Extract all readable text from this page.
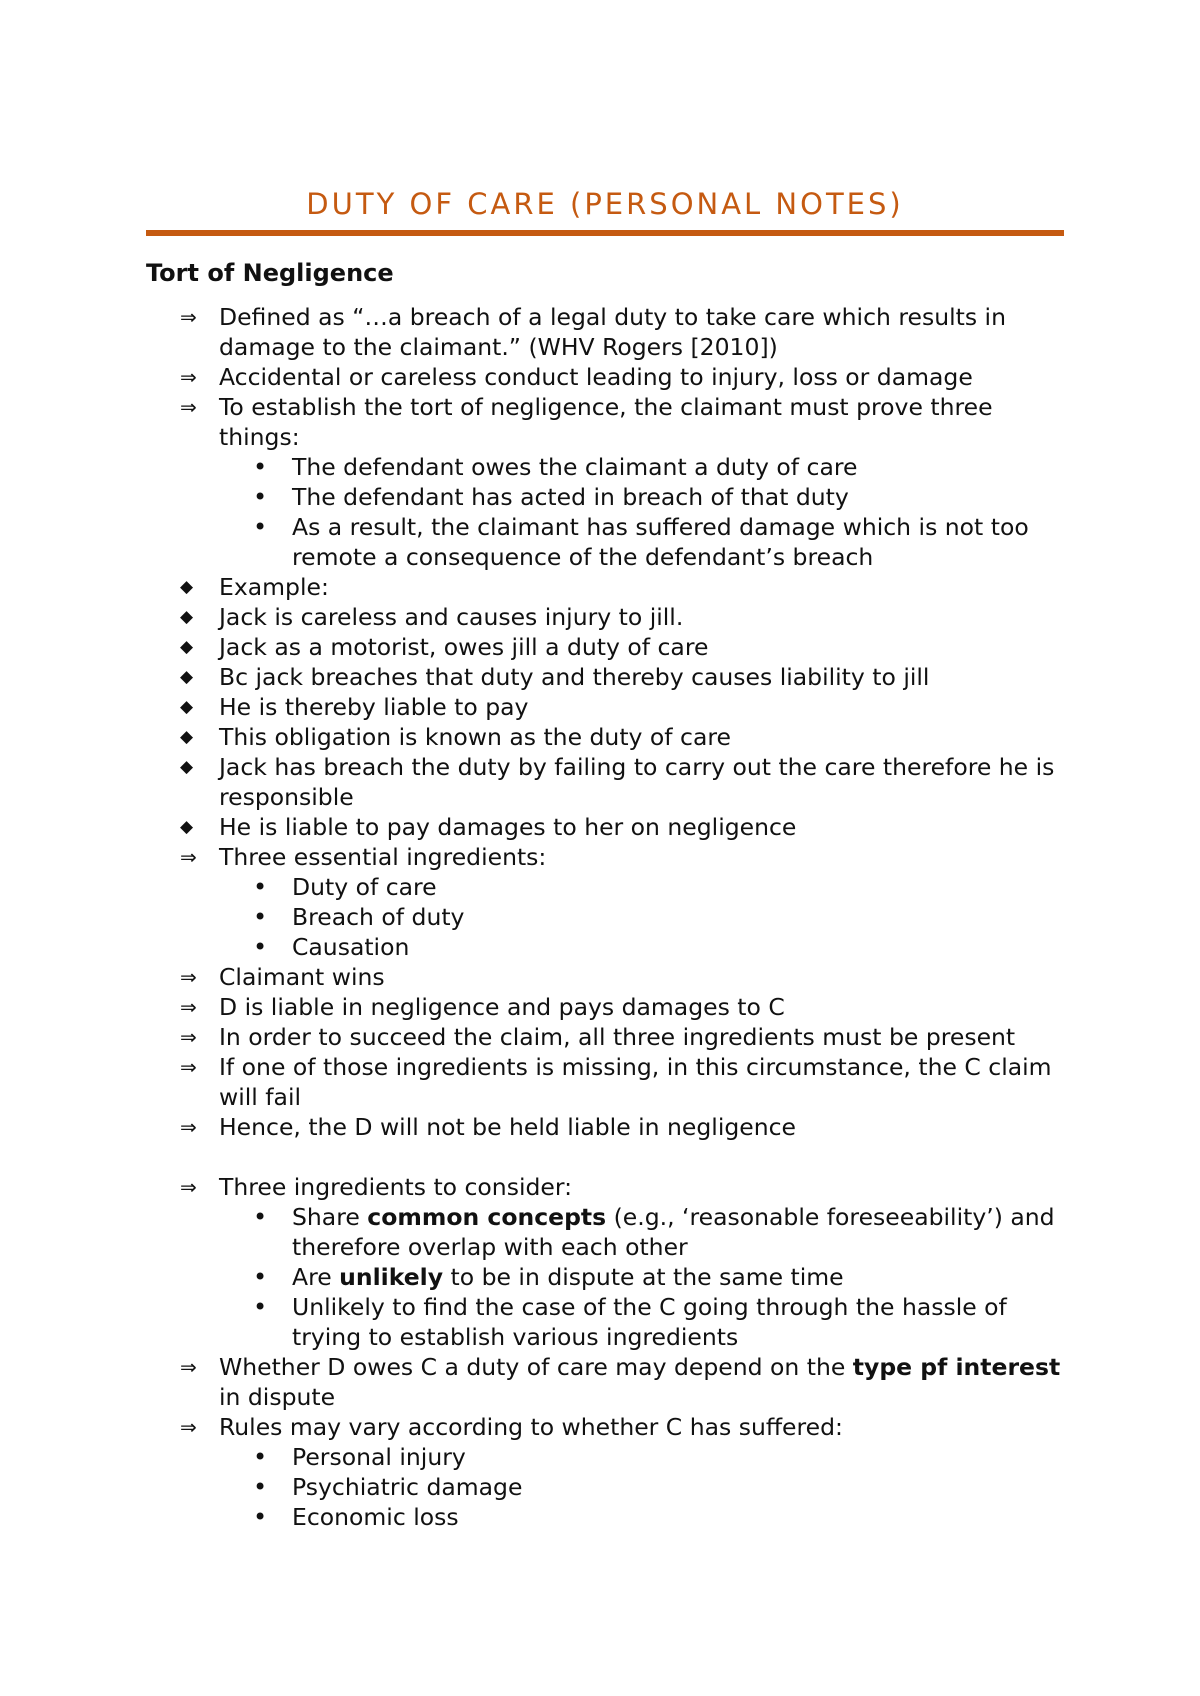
DUTY OF CARE (PERSONAL NOTES)
Tort of Negligence
⇒ Defined as “…a breach of a legal duty to take care which results in damage to the claimant.” (WHV Rogers [2010])
⇒ Accidental or careless conduct leading to injury, loss or damage
⇒ To establish the tort of negligence, the claimant must prove three things:
• The defendant owes the claimant a duty of care
• The defendant has acted in breach of that duty
• As a result, the claimant has suffered damage which is not too remote a consequence of the defendant’s breach
◆ Example:
◆ Jack is careless and causes injury to jill.
◆ Jack as a motorist, owes jill a duty of care
◆ Bc jack breaches that duty and thereby causes liability to jill
◆ He is thereby liable to pay
◆ This obligation is known as the duty of care
◆ Jack has breach the duty by failing to carry out the care therefore he is responsible
◆ He is liable to pay damages to her on negligence
⇒ Three essential ingredients:
• Duty of care
• Breach of duty
• Causation
⇒ Claimant wins
⇒ D is liable in negligence and pays damages to C
⇒ In order to succeed the claim, all three ingredients must be present
⇒ If one of those ingredients is missing, in this circumstance, the C claim will fail
⇒ Hence, the D will not be held liable in negligence
⇒ Three ingredients to consider:
• Share common concepts (e.g., ‘reasonable foreseeability’) and therefore overlap with each other
• Are unlikely to be in dispute at the same time
• Unlikely to find the case of the C going through the hassle of trying to establish various ingredients
⇒ Whether D owes C a duty of care may depend on the type pf interest in dispute
⇒ Rules may vary according to whether C has suffered:
• Personal injury
• Psychiatric damage
• Economic loss
